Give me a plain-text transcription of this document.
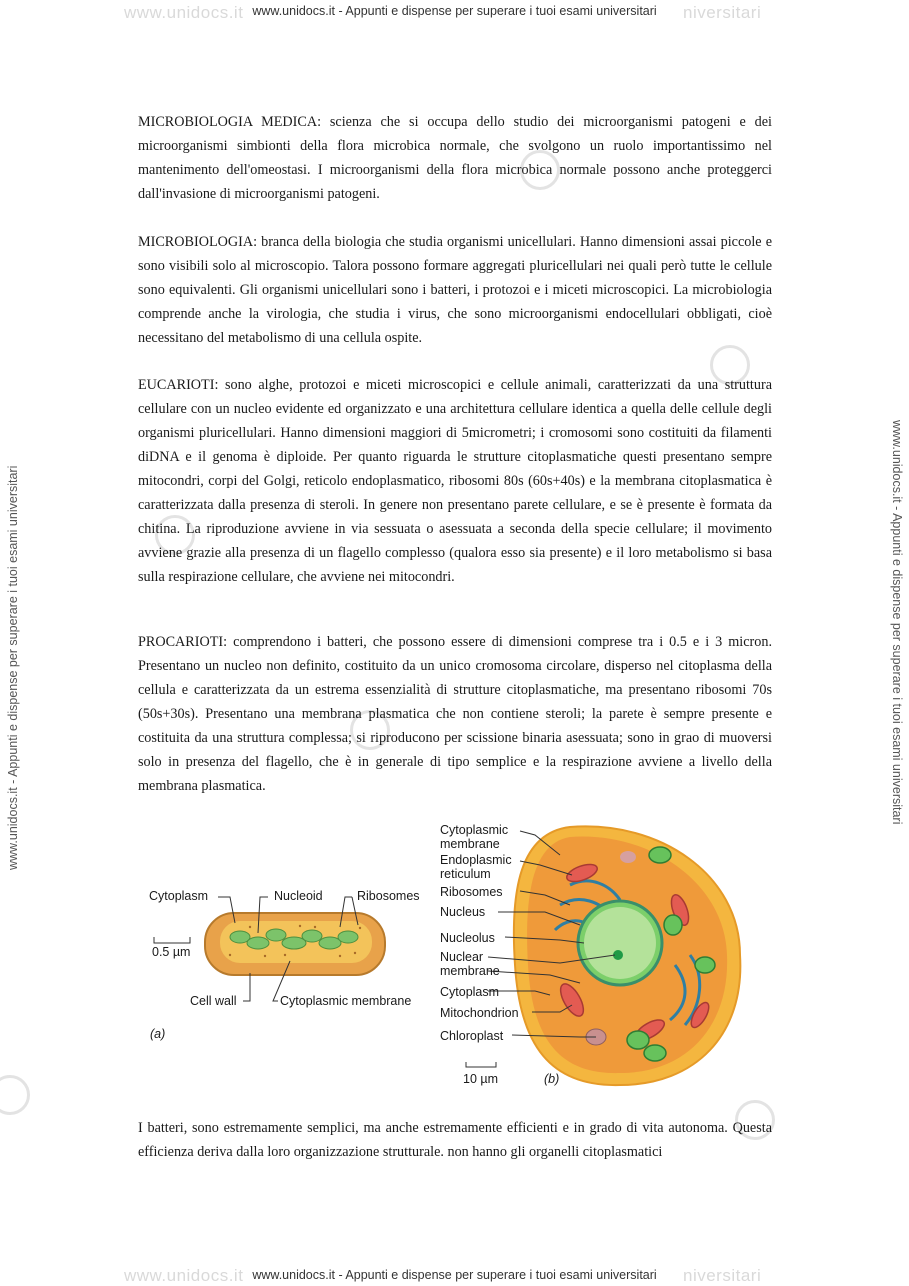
www.unidocs.it - Appunti e dispense per superare i tuoi esami universitari
www.unidocs.it	niversitari
www.unidocs.it - Appunti e dispense per superare i tuoi esami universitari	www.unidocs.it - Appunti e dispense per superare i tuoi esami universitari
MICROBIOLOGIA MEDICA: scienza che si occupa dello studio dei microorganismi patogeni e dei microorganismi simbionti della flora microbica normale, che svolgono un ruolo importantissimo nel mantenimento dell'omeostasi. I microorganismi della flora microbica normale possono anche proteggerci dall'invasione di microorganismi patogeni.
MICROBIOLOGIA: branca della biologia che studia organismi unicellulari. Hanno dimensioni assai piccole e sono visibili solo al microscopio. Talora possono formare aggregati pluricellulari nei quali però tutte le cellule sono equivalenti. Gli organismi unicellulari sono i batteri, i protozoi e i miceti microscopici. La microbiologia comprende anche la virologia, che studia i virus, che sono microorganismi endocellulari obbligati, cioè necessitano del metabolismo di una cellula ospite.
EUCARIOTI: sono alghe, protozoi e miceti microscopici e cellule animali, caratterizzati da una struttura cellulare con un nucleo evidente ed organizzato e una architettura cellulare identica a quella delle cellule degli organismi pluricellulari. Hanno dimensioni maggiori di 5micrometri; i cromosomi sono costituiti da filamenti diDNA e il genoma è diploide. Per quanto riguarda le strutture citoplasmatiche questi presentano sempre mitocondri, corpi del Golgi, reticolo endoplasmatico, ribosomi 80s (60s+40s) e la membrana citoplasmatica è caratterizzata dalla presenza di steroli. In genere non presentano parete cellulare, e se è presente è formata da chitina. La riproduzione avviene in via sessuata o asessuata a seconda della specie cellulare; il movimento avviene grazie alla presenza di un flagello complesso (qualora esso sia presente) e il loro metabolismo si basa sulla respirazione cellulare, che avviene nei mitocondri.
PROCARIOTI: comprendono i batteri, che possono essere di dimensioni comprese tra i 0.5 e i 3 micron. Presentano un nucleo non definito, costituito da un unico cromosoma circolare, disperso nel citoplasma della cellula e caratterizzata da un estrema essenzialità di strutture citoplasmatiche, ma presentano ribosomi 70s (50s+30s). Presentano una membrana plasmatica che non contiene steroli; la parete è sempre presente e costituita da una struttura complessa; si riproducono per scissione binaria asessuata; sono in grao di muoversi solo in presenza del flagello, che è in generale di tipo semplice e la respirazione avviene a livello della membrana plasmatica.
I batteri, sono estremamente semplici, ma anche estremamente efficienti e in grado di vita autonoma. Questa efficienza deriva dalla loro organizzazione strutturale. non hanno gli organelli citoplasmatici
Cytoplasm	Nucleoid	Ribosomes
0.5 µm
Cell wall	Cytoplasmic membrane
(a)
Cytoplasmic
membrane
Endoplasmic
reticulum
Ribosomes
Nucleus
Nucleolus
Nuclear
membrane
Cytoplasm
Mitochondrion
Chloroplast
10 µm	(b)
www.unidocs.it - Appunti e dispense per superare i tuoi esami universitari
www.unidocs.it	niversitari
